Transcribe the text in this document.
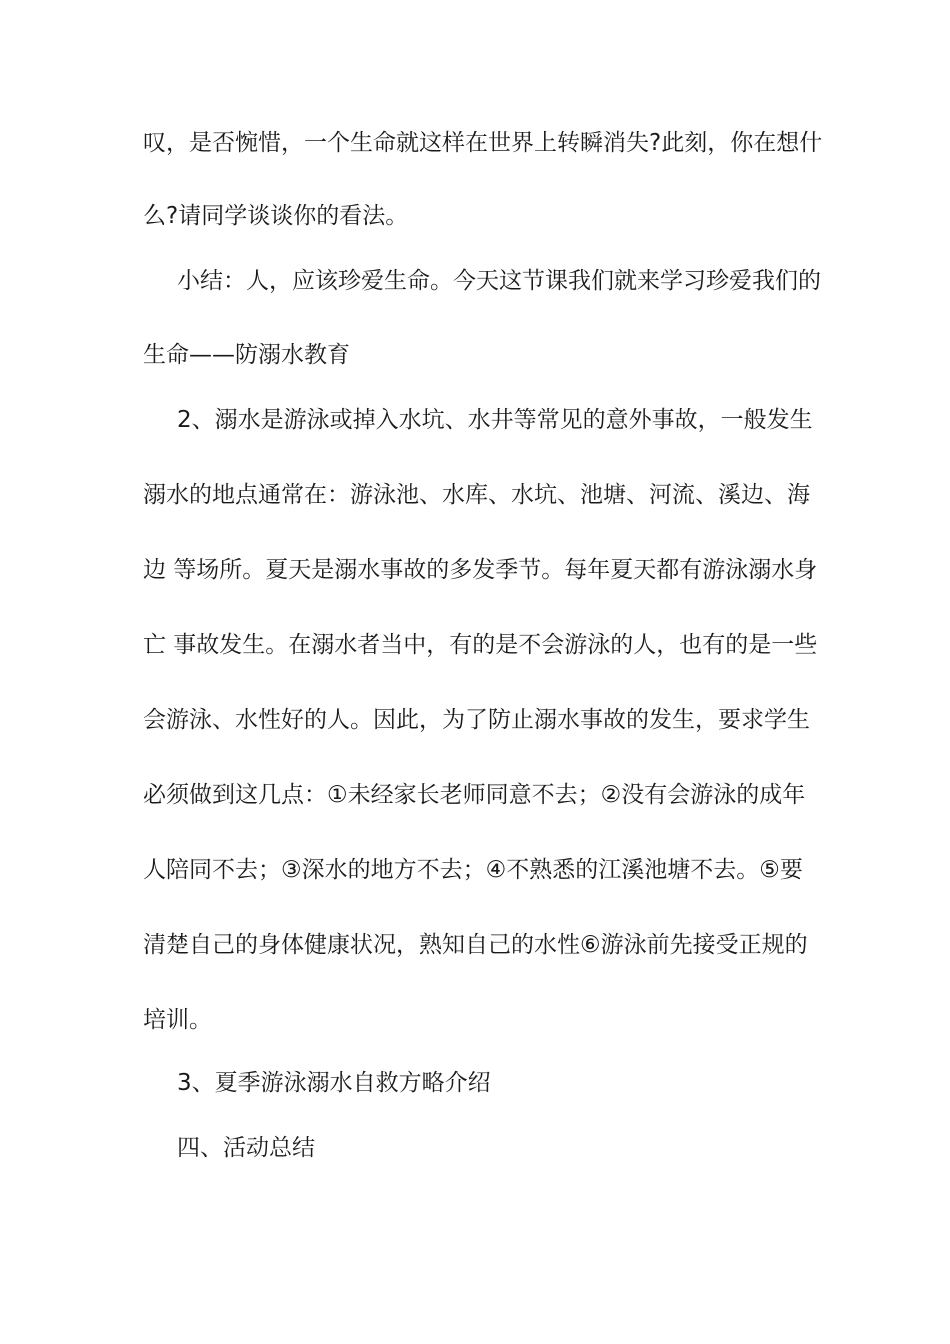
叹，是否惋惜，一个生命就这样在世界上转瞬消失?此刻，你在想什
么?请同学谈谈你的看法。
小结：人，应该珍爱生命。今天这节课我们就来学习珍爱我们的
生命——防溺水教育
2、溺水是游泳或掉入水坑、水井等常见的意外事故，一般发生
溺水的地点通常在：游泳池、水库、水坑、池塘、河流、溪边、海
边 等场所。夏天是溺水事故的多发季节。每年夏天都有游泳溺水身
亡 事故发生。在溺水者当中，有的是不会游泳的人，也有的是一些
会游泳、水性好的人。因此，为了防止溺水事故的发生，要求学生
必须做到这几点：①未经家长老师同意不去；②没有会游泳的成年
人陪同不去；③深水的地方不去；④不熟悉的江溪池塘不去。⑤要
清楚自己的身体健康状况，熟知自己的水性⑥游泳前先接受正规的
培训。
3、夏季游泳溺水自救方略介绍
四、活动总结
